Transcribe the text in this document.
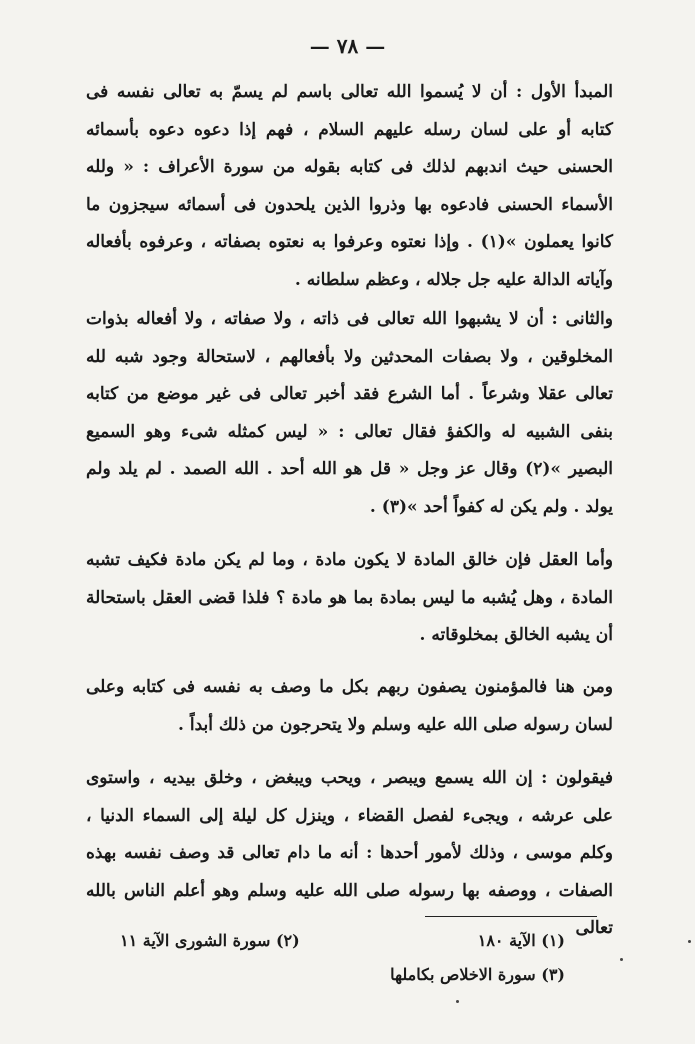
— ٧٨ —

المبدأ الأول : أن لا يُسموا الله تعالى باسم لم يسمّ به تعالى نفسه فى كتابه أو على لسان رسله عليهم السلام ، فهم إذا دعوه دعوه بأسمائه الحسنى حيث اندبهم لذلك فى كتابه بقوله من سورة الأعراف : « ولله الأسماء الحسنى فادعوه بها وذروا الذين يلحدون فى أسمائه سيجزون ما كانوا يعملون »(١) . وإذا نعتوه وعرفوا به نعتوه بصفاته ، وعرفوه بأفعاله وآياته الدالة عليه جل جلاله ، وعظم سلطانه .

والثانى : أن لا يشبهوا الله تعالى فى ذاته ، ولا صفاته ، ولا أفعاله بذوات المخلوقين ، ولا بصفات المحدثين ولا بأفعالهم ، لاستحالة وجود شبه لله تعالى عقلا وشرعاً . أما الشرع فقد أخبر تعالى فى غير موضع من كتابه بنفى الشبيه له والكفؤ فقال تعالى : « ليس كمثله شىء وهو السميع البصير »(٢) وقال عز وجل « قل هو الله أحد . الله الصمد . لم يلد ولم يولد . ولم يكن له كفواً أحد »(٣) .

وأما العقل فإن خالق المادة لا يكون مادة ، وما لم يكن مادة فكيف تشبه المادة ، وهل يُشبه ما ليس بمادة بما هو مادة ؟ فلذا قضى العقل باستحالة أن يشبه الخالق بمخلوقاته .

ومن هنا فالمؤمنون يصفون ربهم بكل ما وصف به نفسه فى كتابه وعلى لسان رسوله صلى الله عليه وسلم ولا يتحرجون من ذلك أبداً .

فيقولون : إن الله يسمع ويبصر ، ويحب ويبغض ، وخلق بيديه ، واستوى على عرشه ، ويجىء لفصل القضاء ، وينزل كل ليلة إلى السماء الدنيا ، وكلم موسى ، وذلك لأمور أحدها : أنه ما دام تعالى قد وصف نفسه بهذه الصفات ، ووصفه بها رسوله صلى الله عليه وسلم وهو أعلم الناس بالله تعالى

(١) الآية ١٨٠
(٢) سورة الشورى الآية ١١
(٣) سورة الاخلاص بكاملها
